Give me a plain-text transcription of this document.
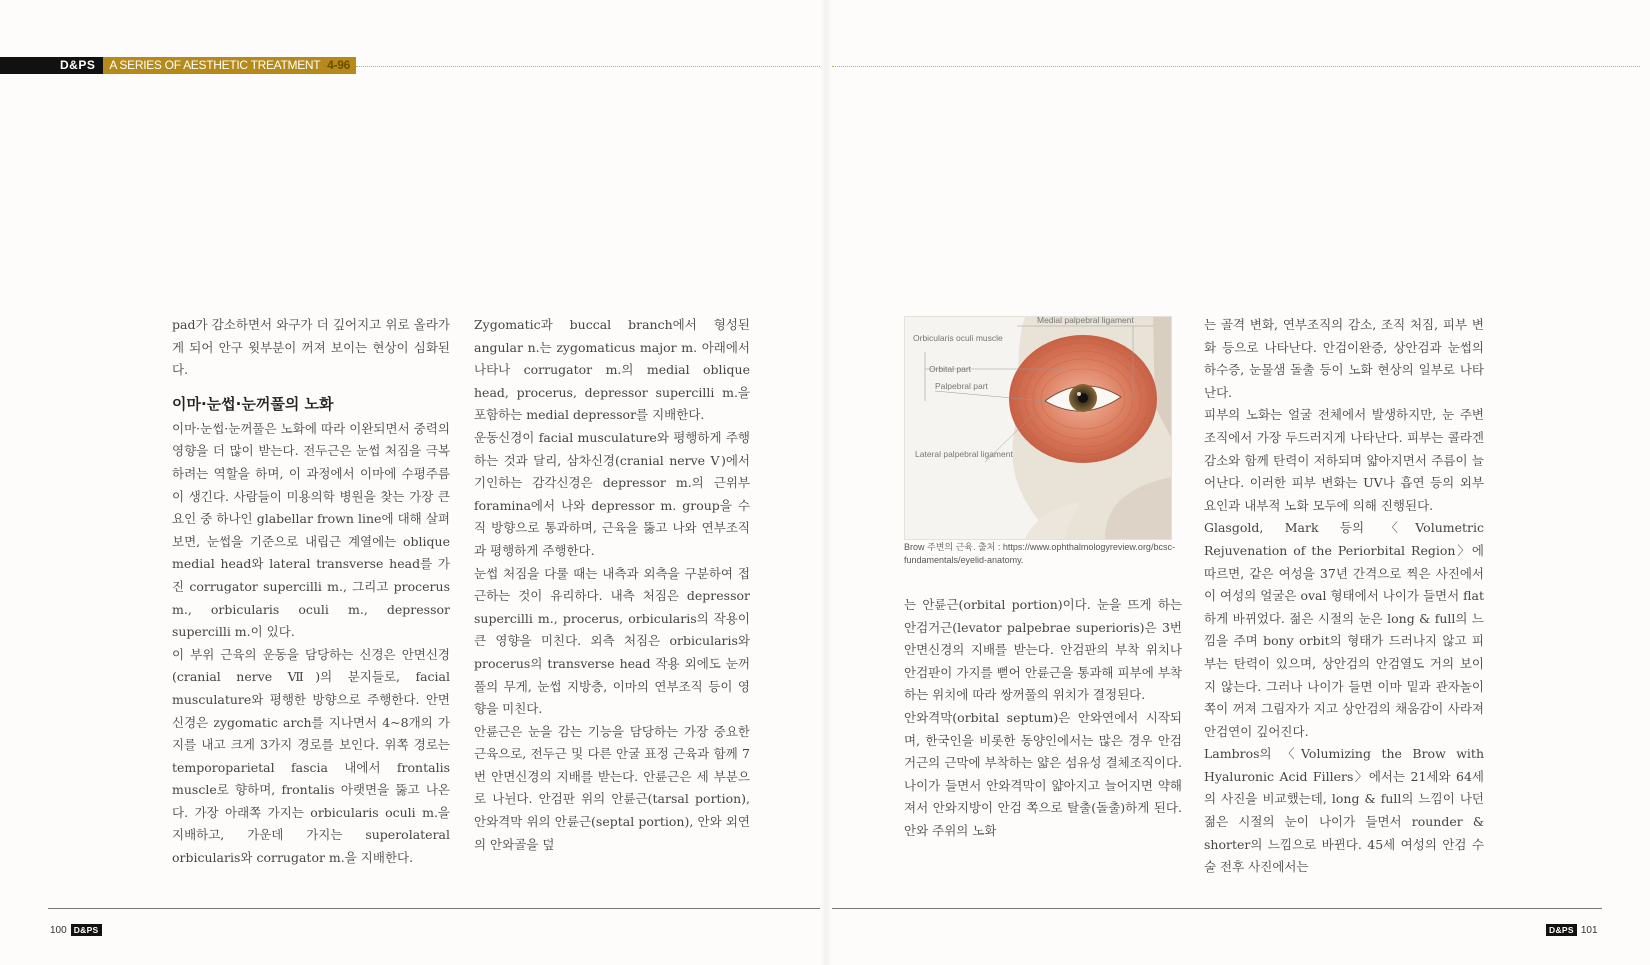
D&PS	A SERIES OF AESTHETIC TREATMENT 4-96

pad가 감소하면서 와구가 더 깊어지고 위로 올라가게 되어 안구 윗부분이 꺼져 보이는 현상이 심화된다.

이마·눈썹·눈꺼풀의 노화

이마·눈썹·눈꺼풀은 노화에 따라 이완되면서 중력의 영향을 더 많이 받는다. 전두근은 눈썹 처짐을 극복하려는 역할을 하며, 이 과정에서 이마에 수평주름이 생긴다. 사람들이 미용의학 병원을 찾는 가장 큰 요인 중 하나인 glabellar frown line에 대해 살펴보면, 눈썹을 기준으로 내립근 계열에는 oblique medial head와 lateral transverse head를 가진 corrugator supercilli m., 그리고 procerus m., orbicularis oculi m., depressor supercilli m.이 있다.

이 부위 근육의 운동을 담당하는 신경은 안면신경(cranial nerve Ⅶ)의 분지들로, facial musculature와 평행한 방향으로 주행한다. 안면신경은 zygomatic arch를 지나면서 4~8개의 가지를 내고 크게 3가지 경로를 보인다. 위쪽 경로는 temporoparietal fascia 내에서 frontalis muscle로 향하며, frontalis 아랫면을 뚫고 나온다. 가장 아래쪽 가지는 orbicularis oculi m.을 지배하고, 가운데 가지는 superolateral orbicularis와 corrugator m.을 지배한다.

Zygomatic과 buccal branch에서 형성된 angular n.는 zygomaticus major m. 아래에서 나타나 corrugator m.의 medial oblique head, procerus, depressor supercilli m.을 포함하는 medial depressor를 지배한다.

운동신경이 facial musculature와 평행하게 주행하는 것과 달리, 삼차신경(cranial nerve Ⅴ)에서 기인하는 감각신경은 depressor m.의 근위부 foramina에서 나와 depressor m. group을 수직 방향으로 통과하며, 근육을 뚫고 나와 연부조직과 평행하게 주행한다.

눈썹 처짐을 다룰 때는 내측과 외측을 구분하여 접근하는 것이 유리하다. 내측 처짐은 depressor supercilli m., procerus, orbicularis의 작용이 큰 영향을 미친다. 외측 처짐은 orbicularis와 procerus의 transverse head 작용 외에도 눈꺼풀의 무게, 눈썹 지방층, 이마의 연부조직 등이 영향을 미친다.

안륜근은 눈을 감는 기능을 담당하는 가장 중요한 근육으로, 전두근 및 다른 안굴 표정 근육과 함께 7번 안면신경의 지배를 받는다. 안륜근은 세 부분으로 나뉜다. 안검판 위의 안륜근(tarsal portion), 안와격막 위의 안륜근(septal portion), 안와 외연의 안와골을 덮

Medial palpebral ligament
Orbicularis oculi muscle
Orbital part
Palpebral part
Lateral palpebral ligament
Brow 주변의 근육. 출처 : https://www.ophthalmologyreview.org/bcsc-fundamentals/eyelid-anatomy.

는 안륜근(orbital portion)이다. 눈을 뜨게 하는 안검거근(levator palpebrae superioris)은 3번 안면신경의 지배를 받는다. 안검판의 부착 위치나 안검판이 가지를 뻗어 안륜근을 통과해 피부에 부착하는 위치에 따라 쌍꺼풀의 위치가 결정된다.

안와격막(orbital septum)은 안와연에서 시작되며, 한국인을 비롯한 동양인에서는 많은 경우 안검거근의 근막에 부착하는 얇은 섬유성 결체조직이다. 나이가 들면서 안와격막이 얇아지고 늘어지면 약해져서 안와지방이 안검 쪽으로 탈출(돌출)하게 된다. 안와 주위의 노화

는 골격 변화, 연부조직의 감소, 조직 처짐, 피부 변화 등으로 나타난다. 안검이완증, 상안검과 눈썹의 하수증, 눈물샘 돌출 등이 노화 현상의 일부로 나타난다.

피부의 노화는 얼굴 전체에서 발생하지만, 눈 주변 조직에서 가장 두드러지게 나타난다. 피부는 콜라겐 감소와 함께 탄력이 저하되며 얇아지면서 주름이 늘어난다. 이러한 피부 변화는 UV나 흡연 등의 외부 요인과 내부적 노화 모두에 의해 진행된다.

Glasgold, Mark 등의 〈Volumetric Rejuvenation of the Periorbital Region〉에 따르면, 같은 여성을 37년 간격으로 찍은 사진에서 이 여성의 얼굴은 oval 형태에서 나이가 들면서 flat하게 바뀌었다. 젊은 시절의 눈은 long & full의 느낌을 주며 bony orbit의 형태가 드러나지 않고 피부는 탄력이 있으며, 상안검의 안검열도 거의 보이지 않는다. 그러나 나이가 들면 이마 밑과 관자놀이 쪽이 꺼져 그림자가 지고 상안검의 채움감이 사라져 안검연이 깊어진다.

Lambros의 〈Volumizing the Brow with Hyaluronic Acid Fillers〉에서는 21세와 64세의 사진을 비교했는데, long & full의 느낌이 나던 젊은 시절의 눈이 나이가 들면서 rounder & shorter의 느낌으로 바뀐다. 45세 여성의 안검 수술 전후 사진에서는

100 D&PS	D&PS 101
